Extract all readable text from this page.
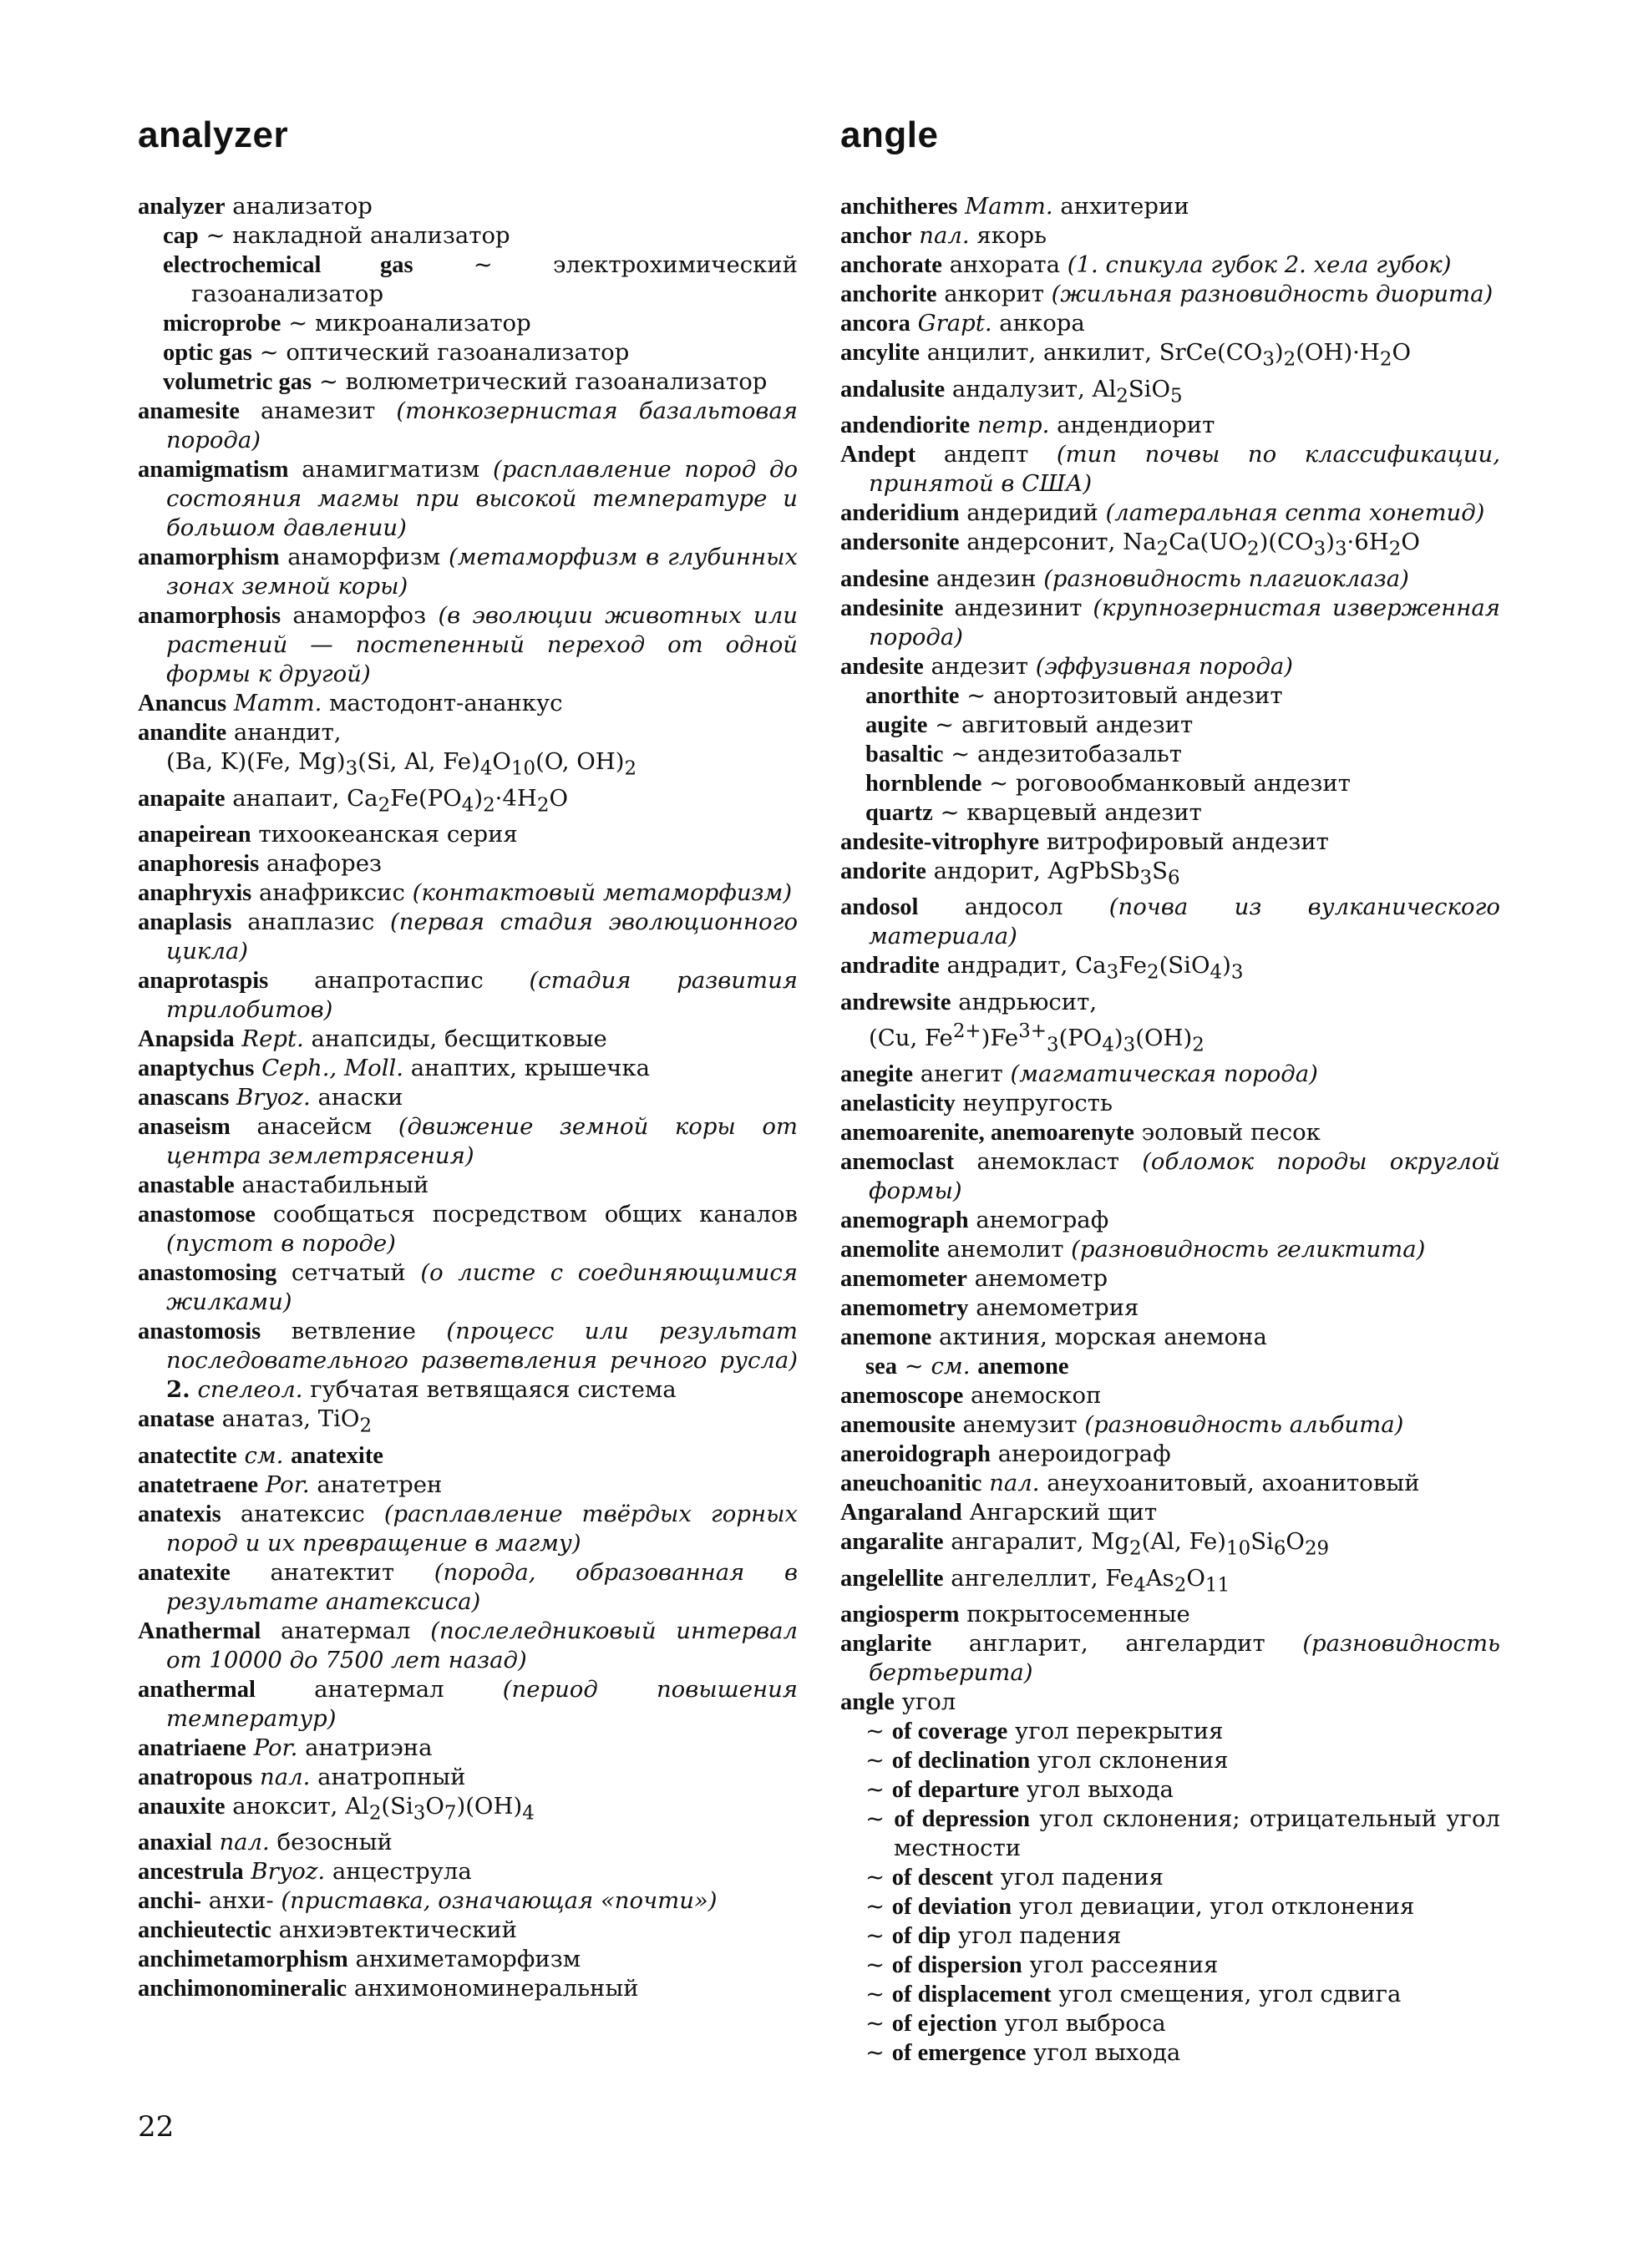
analyzer	angle
analyzer анализатор
cap ~ накладной анализатор
electrochemical gas ~ электрохимический газоанализатор
microprobe ~ микроанализатор
optic gas ~ оптический газоанализатор
volumetric gas ~ волюметрический газоанализатор
anamesite анамезит (тонкозернистая базальтовая порода)
anamigmatism анамигматизм (расплавление пород до состояния магмы при высокой температуре и большом давлении)
anamorphism анаморфизм (метаморфизм в глубинных зонах земной коры)
anamorphosis анаморфоз (в эволюции животных или растений — постепенный переход от одной формы к другой)
Anancus Mamm. мастодонт-ананкус
anandite анандит,
(Ba, K)(Fe, $Mg)_3(Si$, Al, $Fe)_4O_{10}(O$, $OH)_2$
anapaite анапаит, $Ca_2Fe(PO_4)_2\cdot 4H_2O$
anapeirean тихоокеанская серия
anaphoresis анафорез
anaphryxis анафриксис (контактовый метаморфизм)
anaplasis анаплазис (первая стадия эволюционного цикла)
anaprotaspis анапротаспис (стадия развития трилобитов)
Anapsida Rept. анапсиды, бесщитковые
anaptychus Ceph., Moll. анаптих, крышечка
anascans Bryoz. анаски
anaseism анасейсм (движение земной коры от центра землетрясения)
anastable анастабильный
anastomose сообщаться посредством общих каналов (пустот в породе)
anastomosing сетчатый (о листе с соединяющимися жилками)
anastomosis ветвление (процесс или результат последовательного разветвления речного русла) 2. спелеол. губчатая ветвящаяся система
anatase анатаз, TiO$_2$
anatectite см. anatexite
anatetraene Por. анатетрен
anatexis анатексис (расплавление твёрдых горных пород и их превращение в магму)
anatexite анатектит (порода, образованная в результате анатексиса)
Anathermal анатермал (послеледниковый интервал от 10000 до 7500 лет назад)
anathermal анатермал (период повышения температур)
anatriaene Por. анатриэна
anatropous пал. анатропный
anauxite аноксит, $Al_2(Si_3O_7)(OH)_4$
anaxial пал. безосный
ancestrula Bryoz. анцеструла
anchi- анхи- (приставка, означающая «почти»)
anchieutectic анхиэвтектический
anchimetamorphism анхиметаморфизм
anchimonomineralic анхимономинеральный
anchitheres Mamm. анхитерии
anchor пал. якорь
anchorate анхората (1. спикула губок 2. хела губок)
anchorite анкорит (жильная разновидность диорита)
ancora Grapt. анкора
ancylite анцилит, анкилит, $SrCe(CO_3)_2(OH)\cdot H_2O$
andalusite андалузит, $Al_2SiO_5$
andendiorite петр. андендиорит
Andept андепт (тип почвы по классификации, принятой в США)
anderidium андеридий (латеральная септа хонетид)
andersonite андерсонит, $Na_2Ca(UO_2)(CO_3)_3\cdot 6H_2O$
andesine андезин (разновидность плагиоклаза)
andesinite андезинит (крупнозернистая изверженная порода)
andesite андезит (эффузивная порода)
anorthite ~ анортозитовый андезит
augite ~ авгитовый андезит
basaltic ~ андезитобазальт
hornblende ~ роговообманковый андезит
quartz ~ кварцевый андезит
andesite-vitrophyre витрофировый андезит
andorite андорит, $AgPbSb_3S_6$
andosol андосол (почва из вулканического материала)
andradite андрадит, $Ca_3Fe_2(SiO_4)_3$
andrewsite андрьюсит,
(Cu, $Fe^{2+})Fe^{3+}_3(PO_4)_3(OH)_2$
anegite анегит (магматическая порода)
anelasticity неупругость
anemoarenite, anemoarenyte эоловый песок
anemoclast анемокласт (обломок породы округлой формы)
anemograph анемограф
anemolite анемолит (разновидность геликтита)
anemometer анемометр
anemometry анемометрия
anemone актиния, морская анемона
sea ~ см. anemone
anemoscope анемоскоп
anemousite анемузит (разновидность альбита)
aneroidograph анероидограф
aneuchoanitic пал. анеухоанитовый, ахоанитовый
Angaraland Ангарский щит
angaralite ангаралит, $Mg_2(Al$, $Fe)_{10}Si_6O_{29}$
angelellite ангелеллит, $Fe_4As_2O_{11}$
angiosperm покрытосеменные
anglarite англарит, ангелардит (разновидность бертьерита)
angle угол
~ of coverage угол перекрытия
~ of declination угол склонения
~ of departure угол выхода
~ of depression угол склонения; отрицательный угол местности
~ of descent угол падения
~ of deviation угол девиации, угол отклонения
~ of dip угол падения
~ of dispersion угол рассеяния
~ of displacement угол смещения, угол сдвига
~ of ejection угол выброса
~ of emergence угол выхода
22
